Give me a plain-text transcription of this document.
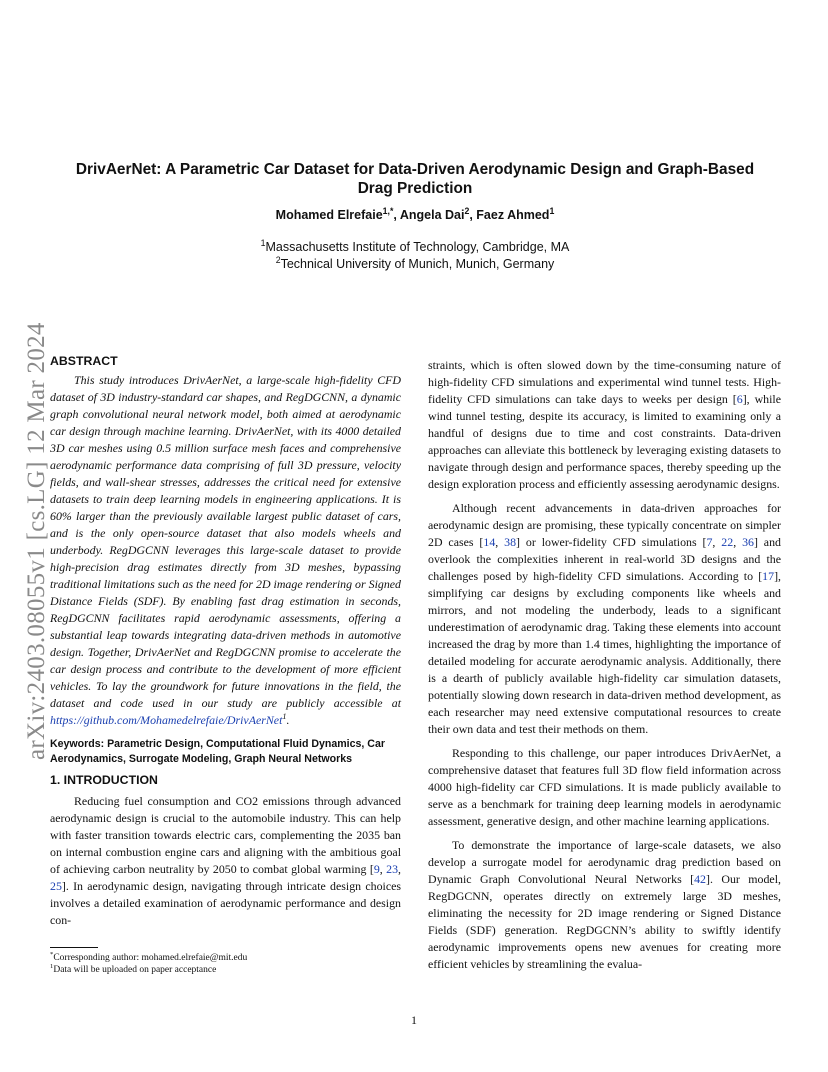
arXiv:2403.08055v1 [cs.LG] 12 Mar 2024
DrivAerNet: A Parametric Car Dataset for Data-Driven Aerodynamic Design and Graph-Based Drag Prediction
Mohamed Elrefaie$^{1,*}$, Angela Dai$^2$, Faez Ahmed$^1$
$^1$Massachusetts Institute of Technology, Cambridge, MA
$^2$Technical University of Munich, Munich, Germany
ABSTRACT

This study introduces DrivAerNet, a large-scale high-fidelity CFD dataset of 3D industry-standard car shapes, and RegDGCNN, a dynamic graph convolutional neural network model, both aimed at aerodynamic car design through machine learning. DrivAerNet, with its 4000 detailed 3D car meshes using 0.5 million surface mesh faces and comprehensive aerodynamic performance data comprising of full 3D pressure, velocity fields, and wall-shear stresses, addresses the critical need for extensive datasets to train deep learning models in engineering applications. It is 60% larger than the previously available largest public dataset of cars, and is the only open-source dataset that also models wheels and underbody. RegDGCNN leverages this large-scale dataset to provide high-precision drag estimates directly from 3D meshes, bypassing traditional limitations such as the need for 2D image rendering or Signed Distance Fields (SDF). By enabling fast drag estimation in seconds, RegDGCNN facilitates rapid aerodynamic assessments, offering a substantial leap towards integrating data-driven methods in automotive design. Together, DrivAerNet and RegDGCNN promise to accelerate the car design process and contribute to the development of more efficient vehicles. To lay the groundwork for future innovations in the field, the dataset and code used in our study are publicly accessible at https://github.com/Mohamedelrefaie/DrivAerNet$^1$.

Keywords: Parametric Design, Computational Fluid Dynamics, Car Aerodynamics, Surrogate Modeling, Graph Neural Networks
1. INTRODUCTION

Reducing fuel consumption and CO2 emissions through advanced aerodynamic design is crucial to the automobile industry. This can help with faster transition towards electric cars, complementing the 2035 ban on internal combustion engine cars and aligning with the ambitious goal of achieving carbon neutrality by 2050 to combat global warming [9, 23, 25]. In aerodynamic design, navigating through intricate design choices involves a detailed examination of aerodynamic performance and design con-

straints, which is often slowed down by the time-consuming nature of high-fidelity CFD simulations and experimental wind tunnel tests. High-fidelity CFD simulations can take days to weeks per design [6], while wind tunnel testing, despite its accuracy, is limited to examining only a handful of designs due to time and cost constraints. Data-driven approaches can alleviate this bottleneck by leveraging existing datasets to navigate through design and performance spaces, thereby speeding up the design exploration process and efficiently assessing aerodynamic designs.

Although recent advancements in data-driven approaches for aerodynamic design are promising, these typically concentrate on simpler 2D cases [14, 38] or lower-fidelity CFD simulations [7, 22, 36] and overlook the complexities inherent in real-world 3D designs and the challenges posed by high-fidelity CFD simulations. According to [17], simplifying car designs by excluding components like wheels and mirrors, and not modeling the underbody, leads to a significant underestimation of aerodynamic drag. Taking these elements into account increased the drag by more than 1.4 times, highlighting the importance of detailed modeling for accurate aerodynamic analysis. Additionally, there is a dearth of publicly available high-fidelity car simulation datasets, potentially slowing down research in data-driven method development, as each researcher may need extensive computational resources to create their own data and test their methods on them.

Responding to this challenge, our paper introduces DrivAerNet, a comprehensive dataset that features full 3D flow field information across 4000 high-fidelity car CFD simulations. It is made publicly available to serve as a benchmark for training deep learning models in aerodynamic assessment, generative design, and other machine learning applications.

To demonstrate the importance of large-scale datasets, we also develop a surrogate model for aerodynamic drag prediction based on Dynamic Graph Convolutional Neural Networks [42]. Our model, RegDGCNN, operates directly on extremely large 3D meshes, eliminating the necessity for 2D image rendering or Signed Distance Fields (SDF) generation. RegDGCNN’s ability to swiftly identify aerodynamic improvements opens new avenues for creating more efficient vehicles by streamlining the evalua-

*Corresponding author: mohamed.elrefaie@mit.edu
$^1$Data will be uploaded on paper acceptance
1
